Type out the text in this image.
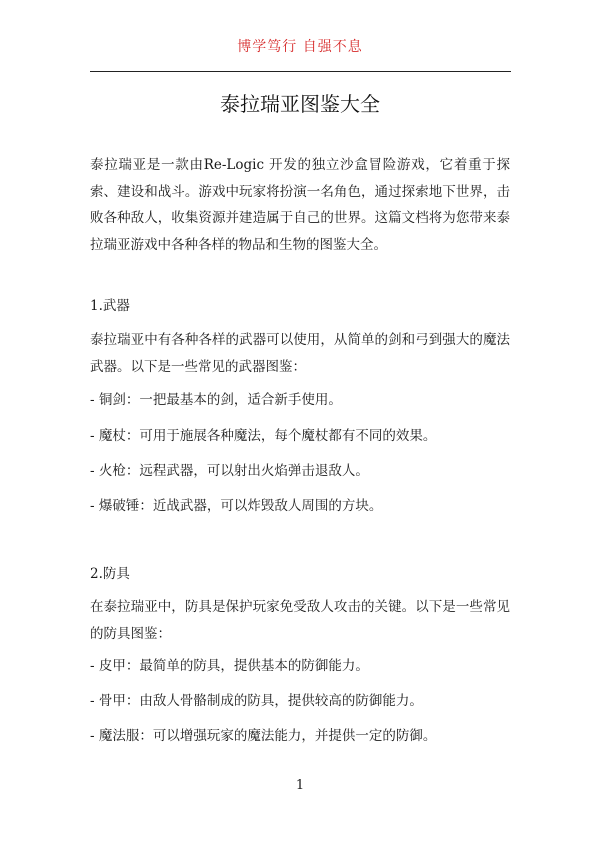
博学笃行 自强不息
泰拉瑞亚图鉴大全

泰拉瑞亚是一款由Re-Logic 开发的独立沙盒冒险游戏，它着重于探索、建设和战斗。游戏中玩家将扮演一名角色，通过探索地下世界，击败各种敌人，收集资源并建造属于自己的世界。这篇文档将为您带来泰拉瑞亚游戏中各种各样的物品和生物的图鉴大全。

1.武器

泰拉瑞亚中有各种各样的武器可以使用，从简单的剑和弓到强大的魔法武器。以下是一些常见的武器图鉴：

- 铜剑：一把最基本的剑，适合新手使用。

- 魔杖：可用于施展各种魔法，每个魔杖都有不同的效果。

- 火枪：远程武器，可以射出火焰弹击退敌人。

- 爆破锤：近战武器，可以炸毁敌人周围的方块。

2.防具

在泰拉瑞亚中，防具是保护玩家免受敌人攻击的关键。以下是一些常见的防具图鉴：

- 皮甲：最简单的防具，提供基本的防御能力。

- 骨甲：由敌人骨骼制成的防具，提供较高的防御能力。

- 魔法服：可以增强玩家的魔法能力，并提供一定的防御。

1
